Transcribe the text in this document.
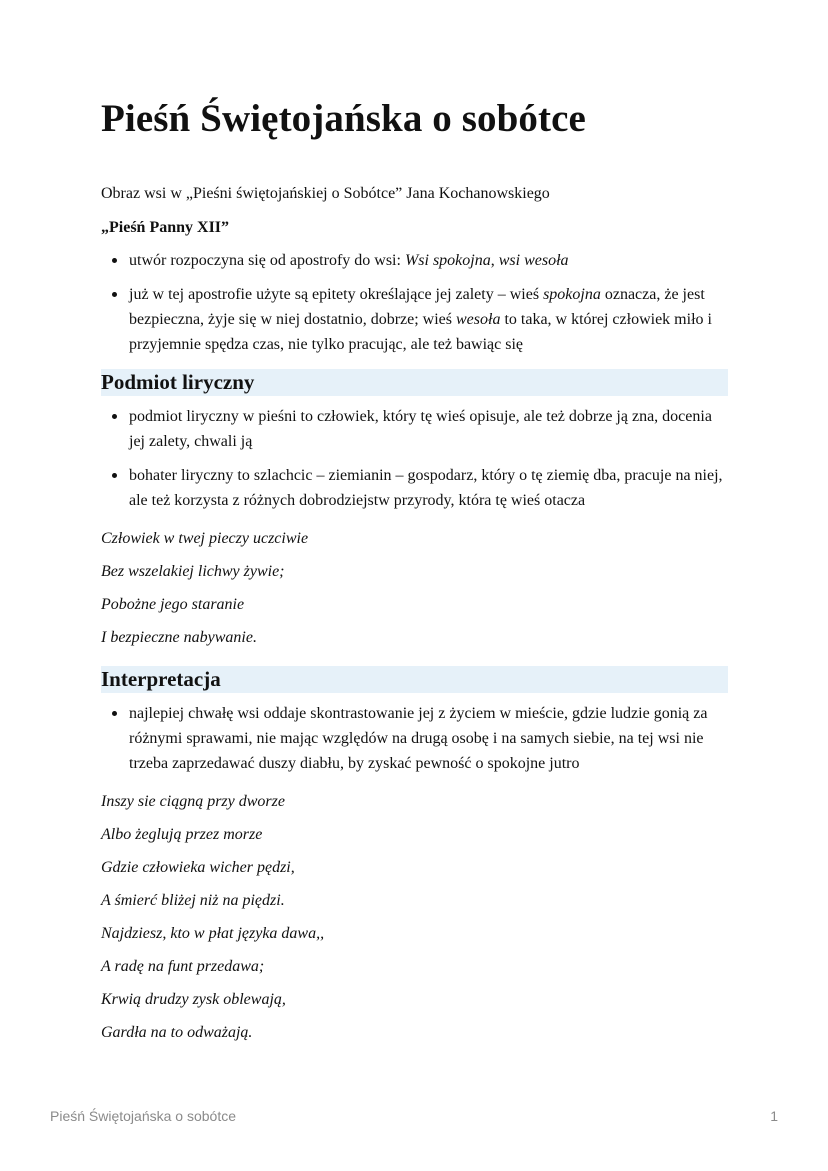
Pieśń Świętojańska o sobótce

Obraz wsi w „Pieśni świętojańskiej o Sobótce” Jana Kochanowskiego

„Pieśń Panny XII”

utwór rozpoczyna się od apostrofy do wsi: Wsi spokojna, wsi wesoła
już w tej apostrofie użyte są epitety określające jej zalety – wieś spokojna oznacza, że jest bezpieczna, żyje się w niej dostatnio, dobrze; wieś wesoła to taka, w której człowiek miło i przyjemnie spędza czas, nie tylko pracując, ale też bawiąc się
Podmiot liryczny
podmiot liryczny w pieśni to człowiek, który tę wieś opisuje, ale też dobrze ją zna, docenia jej zalety, chwali ją
bohater liryczny to szlachcic – ziemianin – gospodarz, który o tę ziemię dba, pracuje na niej, ale też korzysta z różnych dobrodziejstw przyrody, która tę wieś otacza

Człowiek w twej pieczy uczciwie

Bez wszelakiej lichwy żywie;

Pobożne jego staranie

I bezpieczne nabywanie.

Interpretacja
najlepiej chwałę wsi oddaje skontrastowanie jej z życiem w mieście, gdzie ludzie gonią za różnymi sprawami, nie mając względów na drugą osobę i na samych siebie, na tej wsi nie trzeba zaprzedawać duszy diabłu, by zyskać pewność o spokojne jutro

Inszy sie ciągną przy dworze

Albo żeglują przez morze

Gdzie człowieka wicher pędzi,

A śmierć bliżej niż na piędzi.

Najdziesz, kto w płat języka dawa,,

A radę na funt przedawa;

Krwią drudzy zysk oblewają,

Gardła na to odważają.

Pieśń Świętojańska o sobótce	1
